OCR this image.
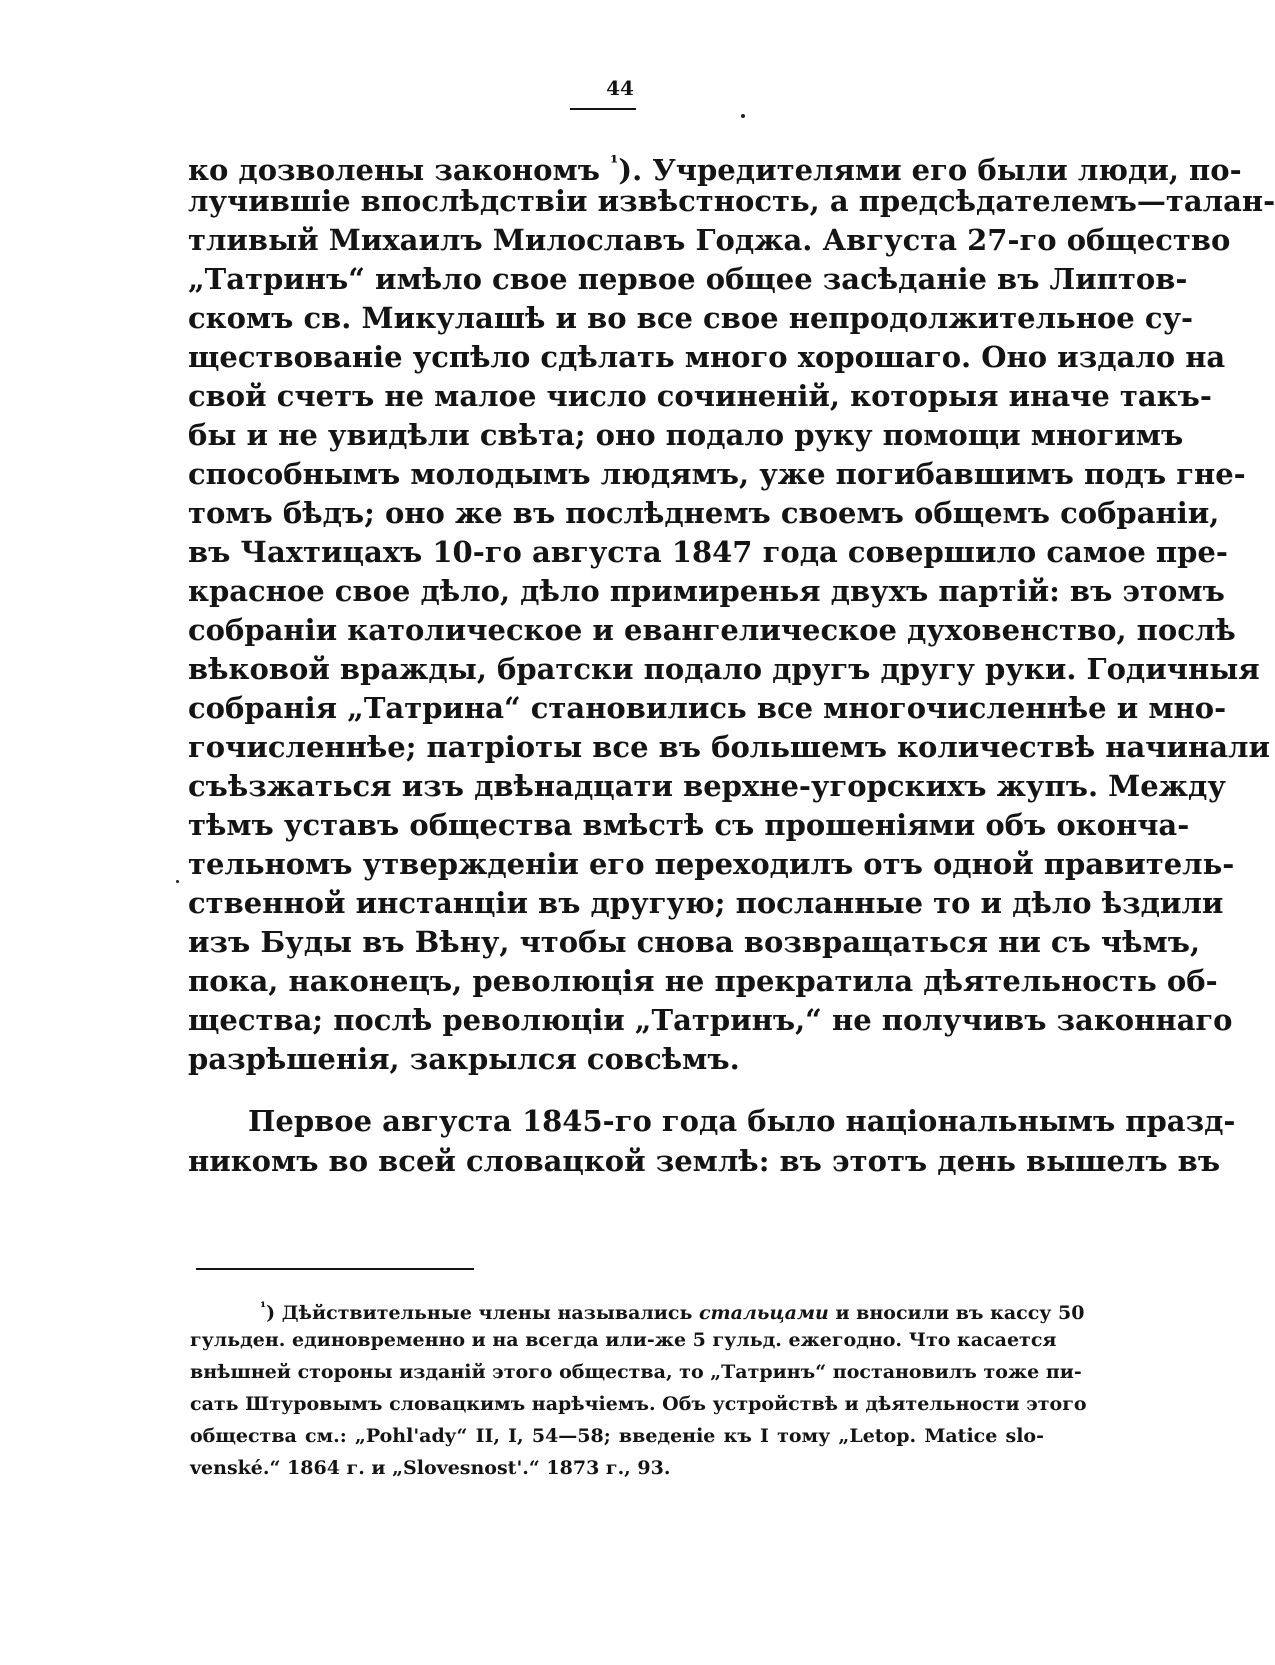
44
ко дозволены закономъ $^{^1}$). Учредителями его были люди, по-
лучившіе впослѣдствіи извѣстность, а предсѣдателемъ—талан-
тливый Михаилъ Милославъ Годжа. Августа 27-го общество
„Татринъ“ имѣло свое первое общее засѣданіе въ Липтов-
скомъ св. Микулашѣ и во все свое непродолжительное су-
ществованіе успѣло сдѣлать много хорошаго. Оно издало на
свой счетъ не малое число сочиненій, которыя иначе такъ-
бы и не увидѣли свѣта; оно подало руку помощи многимъ
способнымъ молодымъ людямъ, уже погибавшимъ подъ гне-
томъ бѣдъ; оно же въ послѣднемъ своемъ общемъ собраніи,
въ Чахтицахъ 10-го августа 1847 года совершило самое пре-
красное свое дѣло, дѣло примиренья двухъ партій: въ этомъ
собраніи католическое и евангелическое духовенство, послѣ
вѣковой вражды, братски подало другъ другу руки. Годичныя
собранія „Татрина“ становились все многочисленнѣе и мно-
гочисленнѣе; патріоты все въ большемъ количествѣ начинали
съѣзжаться изъ двѣнадцати верхне-угорскихъ жупъ. Между
тѣмъ уставъ общества вмѣстѣ съ прошеніями объ оконча-
тельномъ утвержденіи его переходилъ отъ одной правитель-
ственной инстанціи въ другую; посланные то и дѣло ѣздили
изъ Буды въ Вѣну, чтобы снова возвращаться ни съ чѣмъ,
пока, наконецъ, революція не прекратила дѣятельность об-
щества; послѣ революціи „Татринъ,“ не получивъ законнаго
разрѣшенія, закрылся совсѣмъ.
Первое августа 1845-го года было національнымъ празд-
никомъ во всей словацкой землѣ: въ этотъ день вышелъ въ
$^{^1}$) Дѣйствительные члены назывались стальцами и вносили въ кассу 50
гульден. единовременно и на всегда или-же 5 гульд. ежегодно. Что касается
внѣшней стороны изданій этого общества, то „Татринъ“ постановилъ тоже пи-
сать Штуровымъ словацкимъ нарѣчіемъ. Объ устройствѣ и дѣятельности этого
общества см.: „Pohl'ady“ II, I, 54—58; введеніе къ I тому „Letop. Matice slo-
venské.“ 1864 г. и „Slovesnost'.“ 1873 г., 93.
